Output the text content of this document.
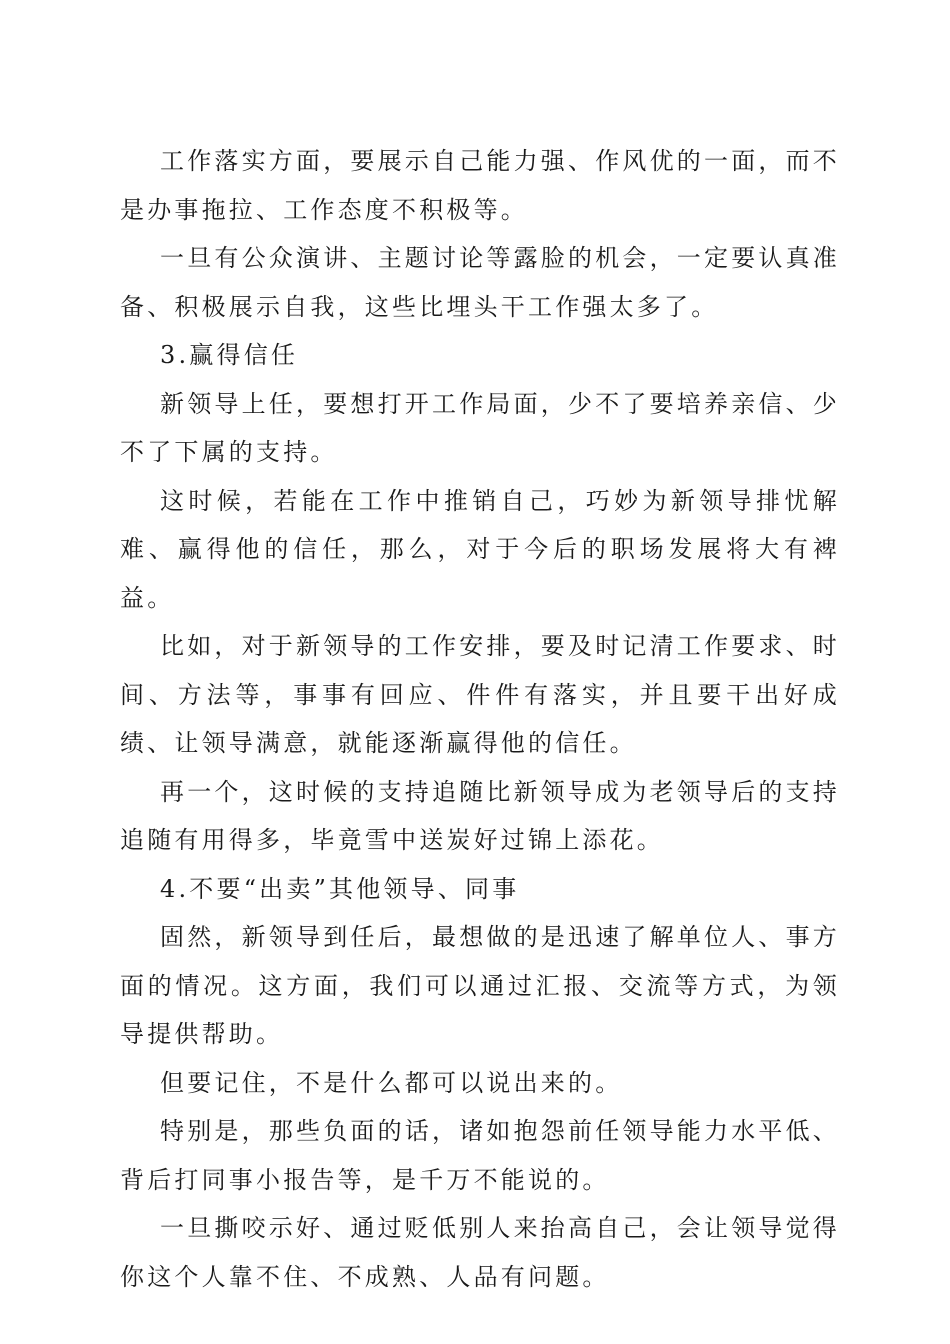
工作落实方面，要展示自己能力强、作风优的一面，而不是办事拖拉、工作态度不积极等。

一旦有公众演讲、主题讨论等露脸的机会，一定要认真准备、积极展示自我，这些比埋头干工作强太多了。

3.赢得信任

新领导上任，要想打开工作局面，少不了要培养亲信、少不了下属的支持。

这时候，若能在工作中推销自己，巧妙为新领导排忧解难、赢得他的信任，那么，对于今后的职场发展将大有裨益。

比如，对于新领导的工作安排，要及时记清工作要求、时间、方法等，事事有回应、件件有落实，并且要干出好成绩、让领导满意，就能逐渐赢得他的信任。

再一个，这时候的支持追随比新领导成为老领导后的支持追随有用得多，毕竟雪中送炭好过锦上添花。

4.不要“出卖”其他领导、同事

固然，新领导到任后，最想做的是迅速了解单位人、事方面的情况。这方面，我们可以通过汇报、交流等方式，为领导提供帮助。

但要记住，不是什么都可以说出来的。

特别是，那些负面的话，诸如抱怨前任领导能力水平低、背后打同事小报告等，是千万不能说的。

一旦撕咬示好、通过贬低别人来抬高自己，会让领导觉得你这个人靠不住、不成熟、人品有问题。
